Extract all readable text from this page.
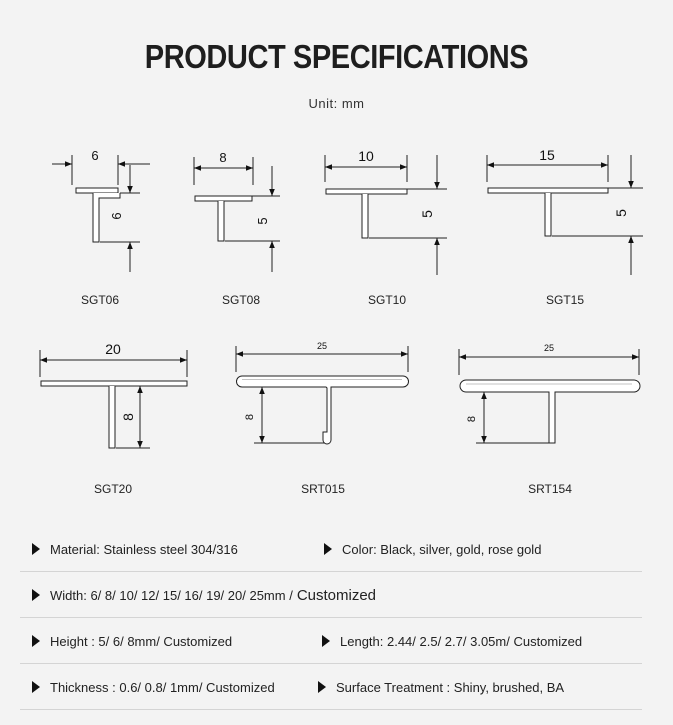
PRODUCT SPECIFICATIONS
Unit: mm
6
6
SGT06
8
5
SGT08
10
5
SGT10
15
5
SGT15
20
8
SGT20
25
8
SRT015
25
8
SRT154
Material: Stainless steel 304/316	Color: Black, silver, gold, rose gold
Width: 6/ 8/ 10/ 12/ 15/ 16/ 19/ 20/ 25mm / Customized
Height : 5/ 6/ 8mm/ Customized	Length: 2.44/ 2.5/ 2.7/ 3.05m/ Customized
Thickness : 0.6/ 0.8/ 1mm/ Customized	Surface Treatment : Shiny, brushed, BA
